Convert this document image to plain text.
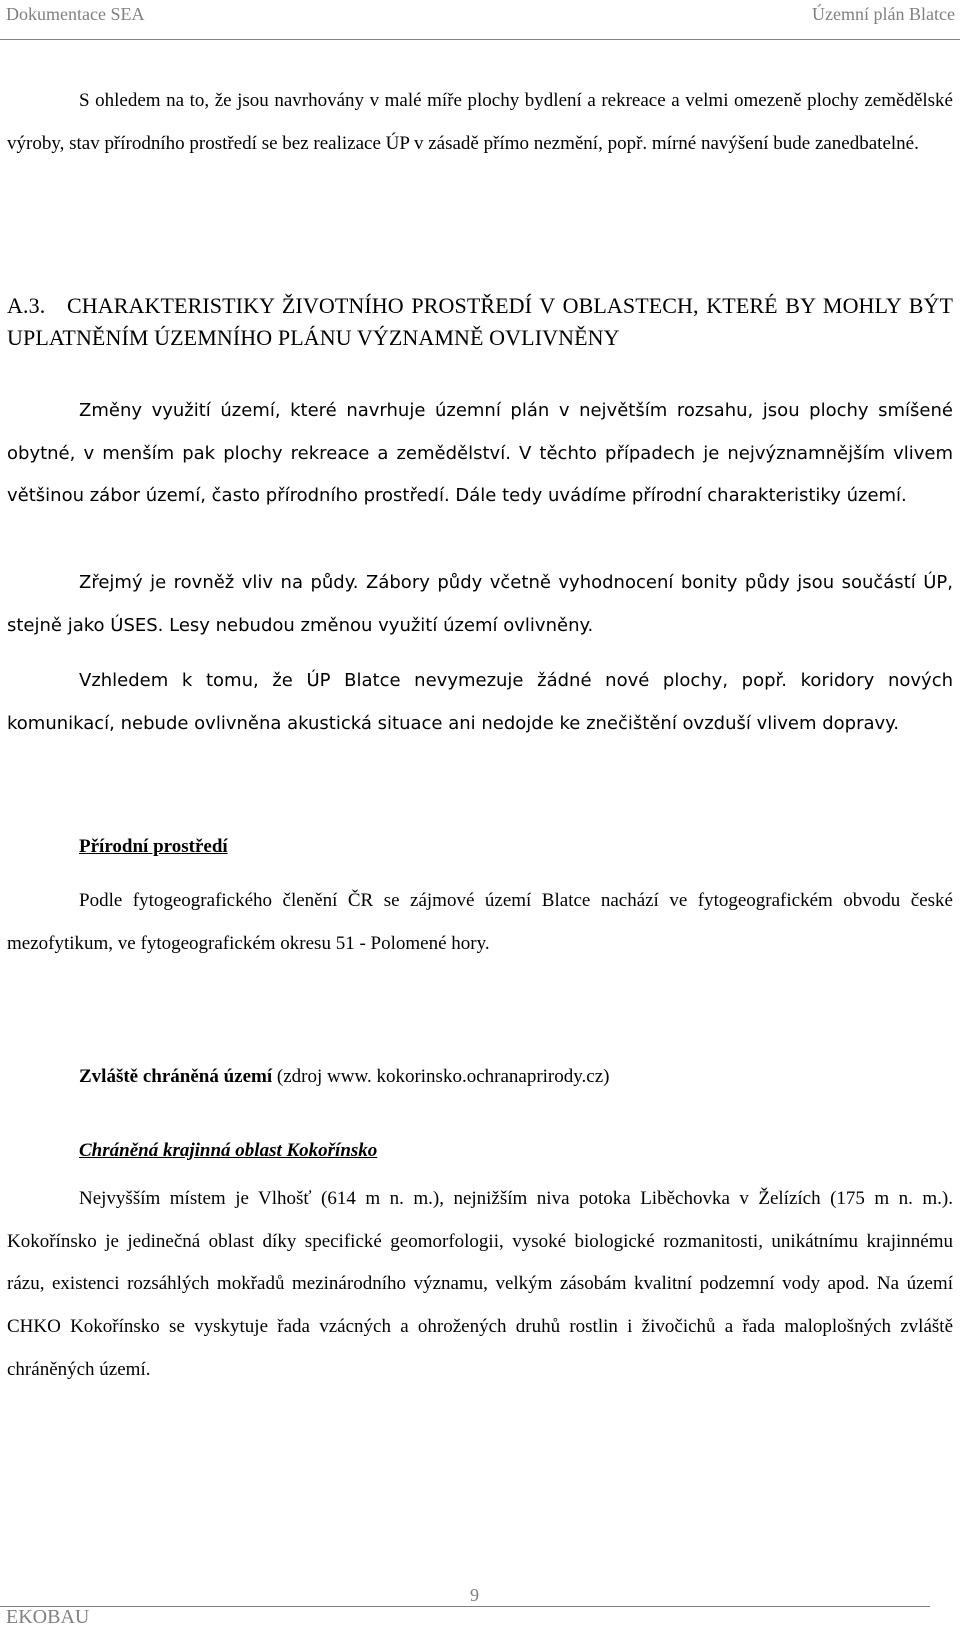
Dokumentace SEA	Územní plán Blatce

S ohledem na to, že jsou navrhovány v malé míře plochy bydlení a rekreace a velmi omezeně plochy zemědělské výroby, stav přírodního prostředí se bez realizace ÚP v zásadě přímo nezmění, popř. mírné navýšení bude zanedbatelné.

A.3. CHARAKTERISTIKY ŽIVOTNÍHO PROSTŘEDÍ V OBLASTECH, KTERÉ BY MOHLY BÝT UPLATNĚNÍM ÚZEMNÍHO PLÁNU VÝZNAMNĚ OVLIVNĚNY

Změny využití území, které navrhuje územní plán v největším rozsahu, jsou plochy smíšené obytné, v menším pak plochy rekreace a zemědělství. V těchto případech je nejvýznamnějším vlivem většinou zábor území, často přírodního prostředí. Dále tedy uvádíme přírodní charakteristiky území.

Zřejmý je rovněž vliv na půdy. Zábory půdy včetně vyhodnocení bonity půdy jsou součástí ÚP, stejně jako ÚSES. Lesy nebudou změnou využití území ovlivněny.

Vzhledem k tomu, že ÚP Blatce nevymezuje žádné nové plochy, popř. koridory nových komunikací, nebude ovlivněna akustická situace ani nedojde ke znečištění ovzduší vlivem dopravy.

Přírodní prostředí

Podle fytogeografického členění ČR se zájmové území Blatce nachází ve fytogeografickém obvodu české mezofytikum, ve fytogeografickém okresu 51 - Polomené hory.

Zvláště chráněná území (zdroj www. kokorinsko.ochranaprirody.cz)
Chráněná krajinná oblast Kokořínsko

Nejvyšším místem je Vlhošť (614 m n. m.), nejnižším niva potoka Liběchovka v Želízích (175 m n. m.). Kokořínsko je jedinečná oblast díky specifické geomorfologii, vysoké biologické rozmanitosti, unikátnímu krajinnému rázu, existenci rozsáhlých mokřadů mezinárodního významu, velkým zásobám kvalitní podzemní vody apod. Na území CHKO Kokořínsko se vyskytuje řada vzácných a ohrožených druhů rostlin i živočichů a řada maloplošných zvláště chráněných území.

9
EKOBAU
